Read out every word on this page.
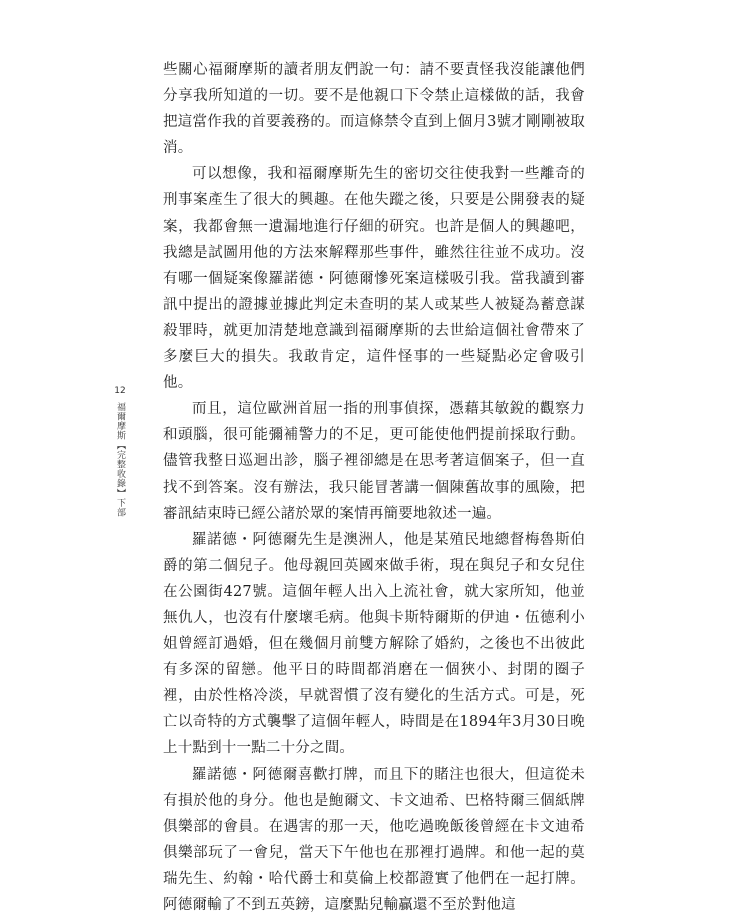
12
福爾摩斯【完整收錄】下部

些關心福爾摩斯的讀者朋友們說一句：請不要責怪我沒能讓他們分享我所知道的一切。要不是他親口下令禁止這樣做的話，我會把這當作我的首要義務的。而這條禁令直到上個月3號才剛剛被取消。

可以想像，我和福爾摩斯先生的密切交往使我對一些離奇的刑事案產生了很大的興趣。在他失蹤之後，只要是公開發表的疑案，我都會無一遺漏地進行仔細的研究。也許是個人的興趣吧，我總是試圖用他的方法來解釋那些事件，雖然往往並不成功。沒有哪一個疑案像羅諾德・阿德爾慘死案這樣吸引我。當我讀到審訊中提出的證據並據此判定未查明的某人或某些人被疑為蓄意謀殺罪時，就更加清楚地意識到福爾摩斯的去世給這個社會帶來了多麼巨大的損失。我敢肯定，這件怪事的一些疑點必定會吸引他。

而且，這位歐洲首屈一指的刑事偵探，憑藉其敏銳的觀察力和頭腦，很可能彌補警力的不足，更可能使他們提前採取行動。儘管我整日巡迴出診，腦子裡卻總是在思考著這個案子，但一直找不到答案。沒有辦法，我只能冒著講一個陳舊故事的風險，把審訊結束時已經公諸於眾的案情再簡要地敘述一遍。

羅諾德・阿德爾先生是澳洲人，他是某殖民地總督梅魯斯伯爵的第二個兒子。他母親回英國來做手術，現在與兒子和女兒住在公園街427號。這個年輕人出入上流社會，就大家所知，他並無仇人，也沒有什麼壞毛病。他與卡斯特爾斯的伊迪・伍德利小姐曾經訂過婚，但在幾個月前雙方解除了婚約，之後也不出彼此有多深的留戀。他平日的時間都消磨在一個狹小、封閉的圈子裡，由於性格冷淡，早就習慣了沒有變化的生活方式。可是，死亡以奇特的方式襲擊了這個年輕人，時間是在1894年3月30日晚上十點到十一點二十分之間。

羅諾德・阿德爾喜歡打牌，而且下的賭注也很大，但這從未有損於他的身分。他也是鮑爾文、卡文迪希、巴格特爾三個紙牌俱樂部的會員。在遇害的那一天，他吃過晚飯後曾經在卡文迪希俱樂部玩了一會兒，當天下午他也在那裡打過牌。和他一起的莫瑞先生、約翰・哈代爵士和莫倫上校都證實了他們在一起打牌。阿德爾輸了不到五英鎊，這麼點兒輸贏還不至於對他這
